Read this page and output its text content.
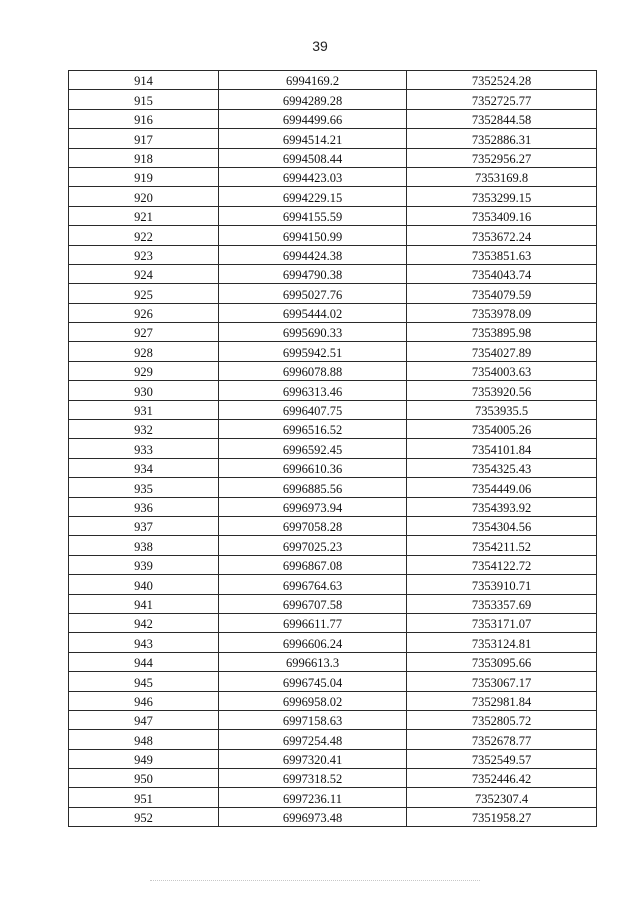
39
914	6994169.2	7352524.28
915	6994289.28	7352725.77
916	6994499.66	7352844.58
917	6994514.21	7352886.31
918	6994508.44	7352956.27
919	6994423.03	7353169.8
920	6994229.15	7353299.15
921	6994155.59	7353409.16
922	6994150.99	7353672.24
923	6994424.38	7353851.63
924	6994790.38	7354043.74
925	6995027.76	7354079.59
926	6995444.02	7353978.09
927	6995690.33	7353895.98
928	6995942.51	7354027.89
929	6996078.88	7354003.63
930	6996313.46	7353920.56
931	6996407.75	7353935.5
932	6996516.52	7354005.26
933	6996592.45	7354101.84
934	6996610.36	7354325.43
935	6996885.56	7354449.06
936	6996973.94	7354393.92
937	6997058.28	7354304.56
938	6997025.23	7354211.52
939	6996867.08	7354122.72
940	6996764.63	7353910.71
941	6996707.58	7353357.69
942	6996611.77	7353171.07
943	6996606.24	7353124.81
944	6996613.3	7353095.66
945	6996745.04	7353067.17
946	6996958.02	7352981.84
947	6997158.63	7352805.72
948	6997254.48	7352678.77
949	6997320.41	7352549.57
950	6997318.52	7352446.42
951	6997236.11	7352307.4
952	6996973.48	7351958.27
